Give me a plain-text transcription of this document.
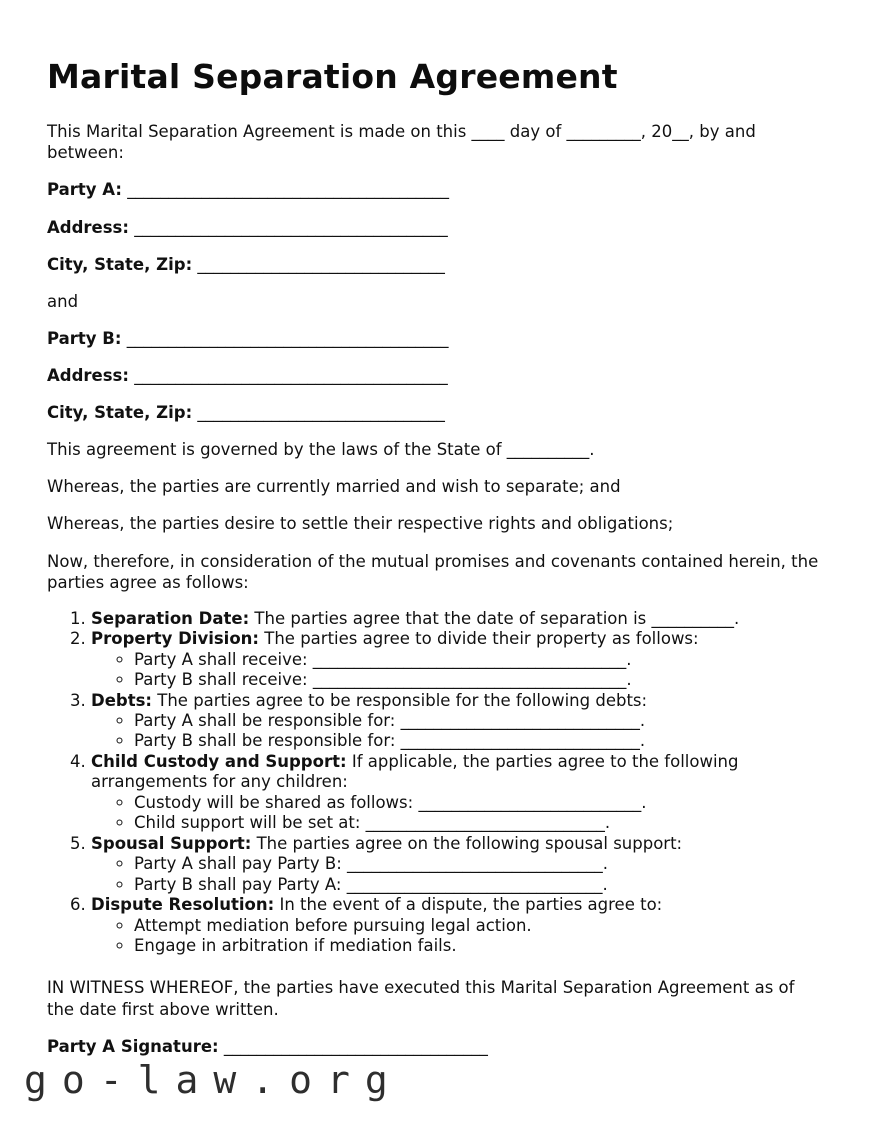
Marital Separation Agreement

This Marital Separation Agreement is made on this ____ day of _________, 20__, by and between:

Party A: _______________________________________

Address: ______________________________________

City, State, Zip: ______________________________

and

Party B: _______________________________________

Address: ______________________________________

City, State, Zip: ______________________________

This agreement is governed by the laws of the State of __________.

Whereas, the parties are currently married and wish to separate; and

Whereas, the parties desire to settle their respective rights and obligations;

Now, therefore, in consideration of the mutual promises and covenants contained herein, the parties agree as follows:

1. Separation Date: The parties agree that the date of separation is __________.
2. Property Division: The parties agree to divide their property as follows:
◦ Party A shall receive: ______________________________________.
◦ Party B shall receive: ______________________________________.
3. Debts: The parties agree to be responsible for the following debts:
◦ Party A shall be responsible for: _____________________________.
◦ Party B shall be responsible for: _____________________________.
4. Child Custody and Support: If applicable, the parties agree to the following arrangements for any children:
◦ Custody will be shared as follows: ___________________________.
◦ Child support will be set at: _____________________________.
5. Spousal Support: The parties agree on the following spousal support:
◦ Party A shall pay Party B: _______________________________.
◦ Party B shall pay Party A: _______________________________.
6. Dispute Resolution: In the event of a dispute, the parties agree to:
◦ Attempt mediation before pursuing legal action.
◦ Engage in arbitration if mediation fails.

IN WITNESS WHEREOF, the parties have executed this Marital Separation Agreement as of the date first above written.

Party A Signature: ________________________________

go-law.org
